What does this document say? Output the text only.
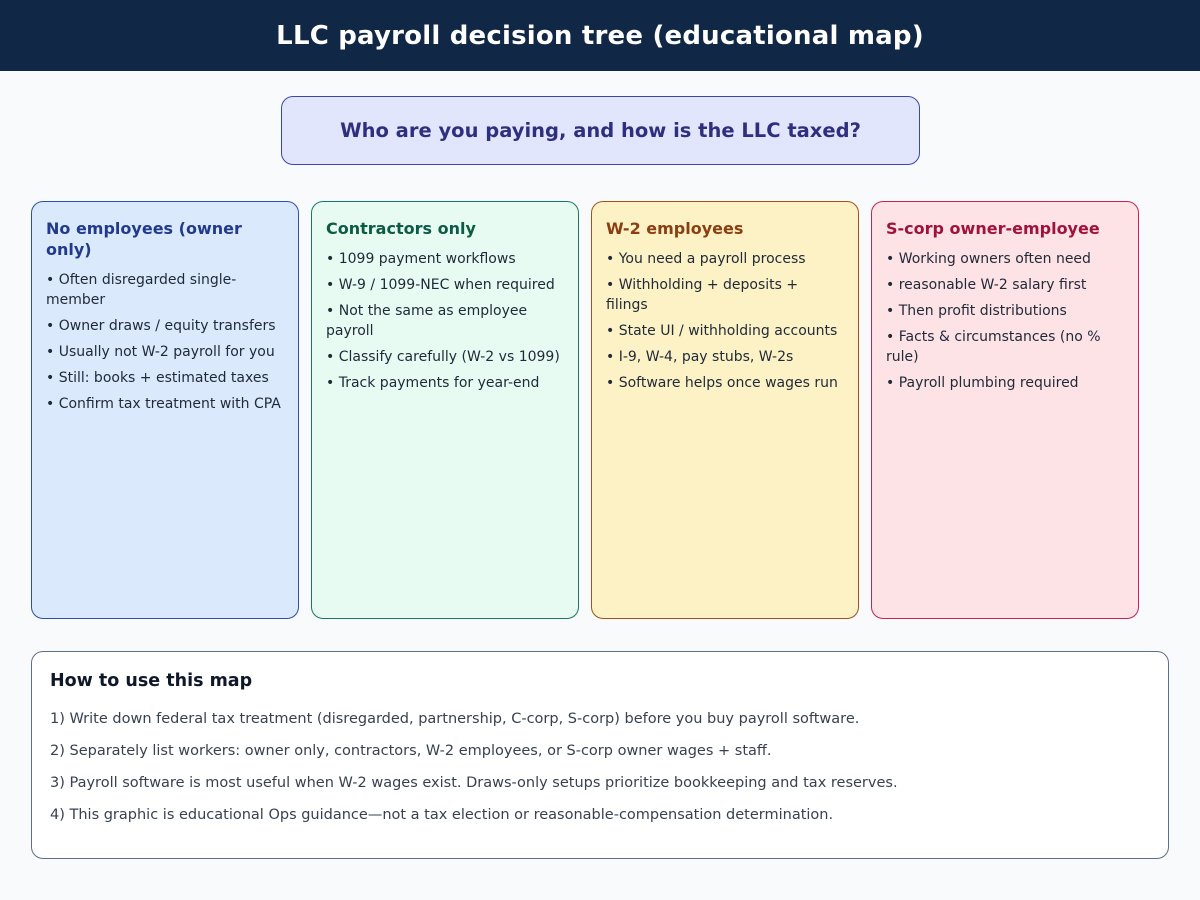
LLC payroll decision tree (educational map)
Who are you paying, and how is the LLC taxed?
No employees (owner only)
• Often disregarded single-member
• Owner draws / equity transfers
• Usually not W-2 payroll for you
• Still: books + estimated taxes
• Confirm tax treatment with CPA
Contractors only
• 1099 payment workflows
• W-9 / 1099-NEC when required
• Not the same as employee payroll
• Classify carefully (W-2 vs 1099)
• Track payments for year-end
W-2 employees
• You need a payroll process
• Withholding + deposits + filings
• State UI / withholding accounts
• I-9, W-4, pay stubs, W-2s
• Software helps once wages run
S-corp owner-employee
• Working owners often need
• reasonable W-2 salary first
• Then profit distributions
• Facts & circumstances (no % rule)
• Payroll plumbing required
How to use this map
1) Write down federal tax treatment (disregarded, partnership, C-corp, S-corp) before you buy payroll software.
2) Separately list workers: owner only, contractors, W-2 employees, or S-corp owner wages + staff.
3) Payroll software is most useful when W-2 wages exist. Draws-only setups prioritize bookkeeping and tax reserves.
4) This graphic is educational Ops guidance—not a tax election or reasonable-compensation determination.
